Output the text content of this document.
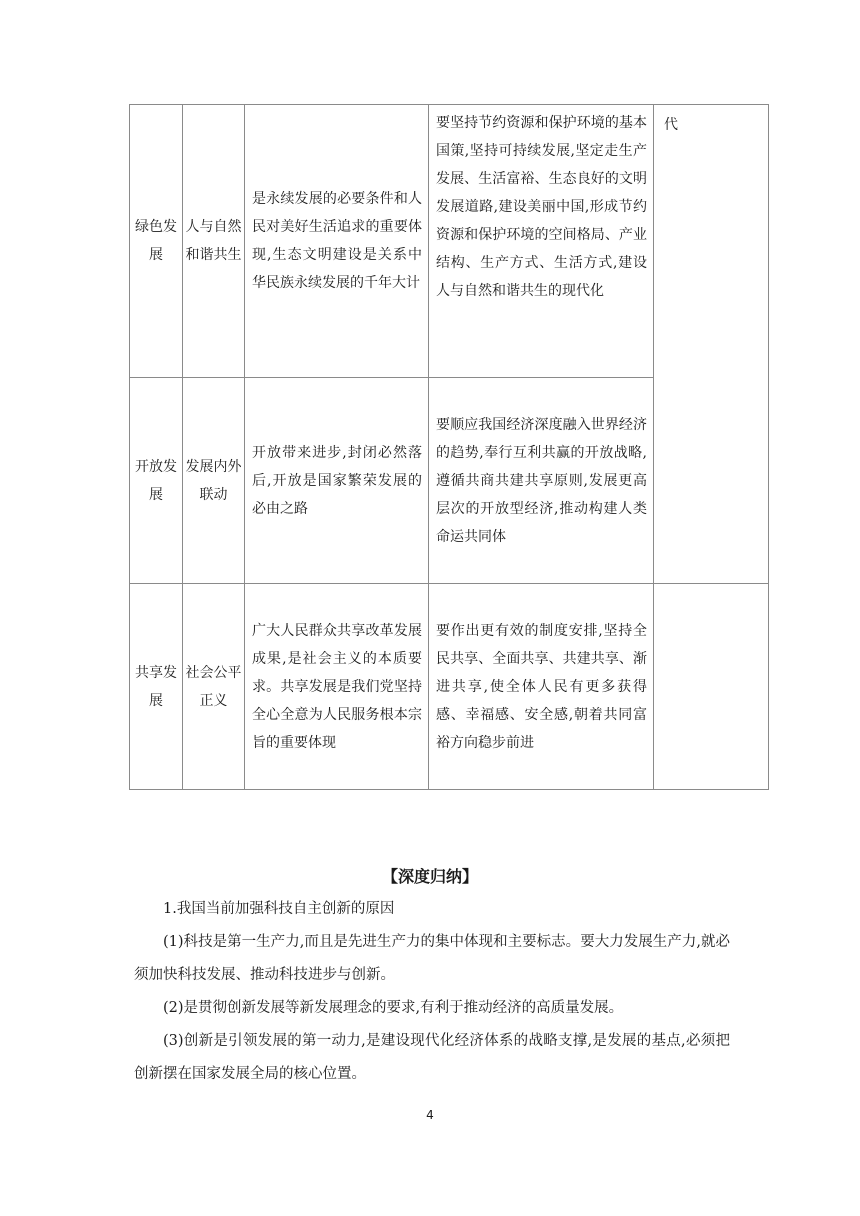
绿色发展	人与自然和谐共生	是永续发展的必要条件和人民对美好生活追求的重要体现,生态文明建设是关系中华民族永续发展的千年大计	要坚持节约资源和保护环境的基本国策,坚持可持续发展,坚定走生产发展、生活富裕、生态良好的文明发展道路,建设美丽中国,形成节约资源和保护环境的空间格局、产业结构、生产方式、生活方式,建设人与自然和谐共生的现代化	代
开放发展	发展内外联动	开放带来进步,封闭必然落后,开放是国家繁荣发展的必由之路	要顺应我国经济深度融入世界经济的趋势,奉行互利共赢的开放战略,遵循共商共建共享原则,发展更高层次的开放型经济,推动构建人类命运共同体	
共享发展	社会公平正义	广大人民群众共享改革发展成果,是社会主义的本质要求。共享发展是我们党坚持全心全意为人民服务根本宗旨的重要体现	要作出更有效的制度安排,坚持全民共享、全面共享、共建共享、渐进共享,使全体人民有更多获得感、幸福感、安全感,朝着共同富裕方向稳步前进	
【深度归纳】
1.我国当前加强科技自主创新的原因
(1)科技是第一生产力,而且是先进生产力的集中体现和主要标志。要大力发展生产力,就必须加快科技发展、推动科技进步与创新。
(2)是贯彻创新发展等新发展理念的要求,有利于推动经济的高质量发展。
(3)创新是引领发展的第一动力,是建设现代化经济体系的战略支撑,是发展的基点,必须把创新摆在国家发展全局的核心位置。
4
